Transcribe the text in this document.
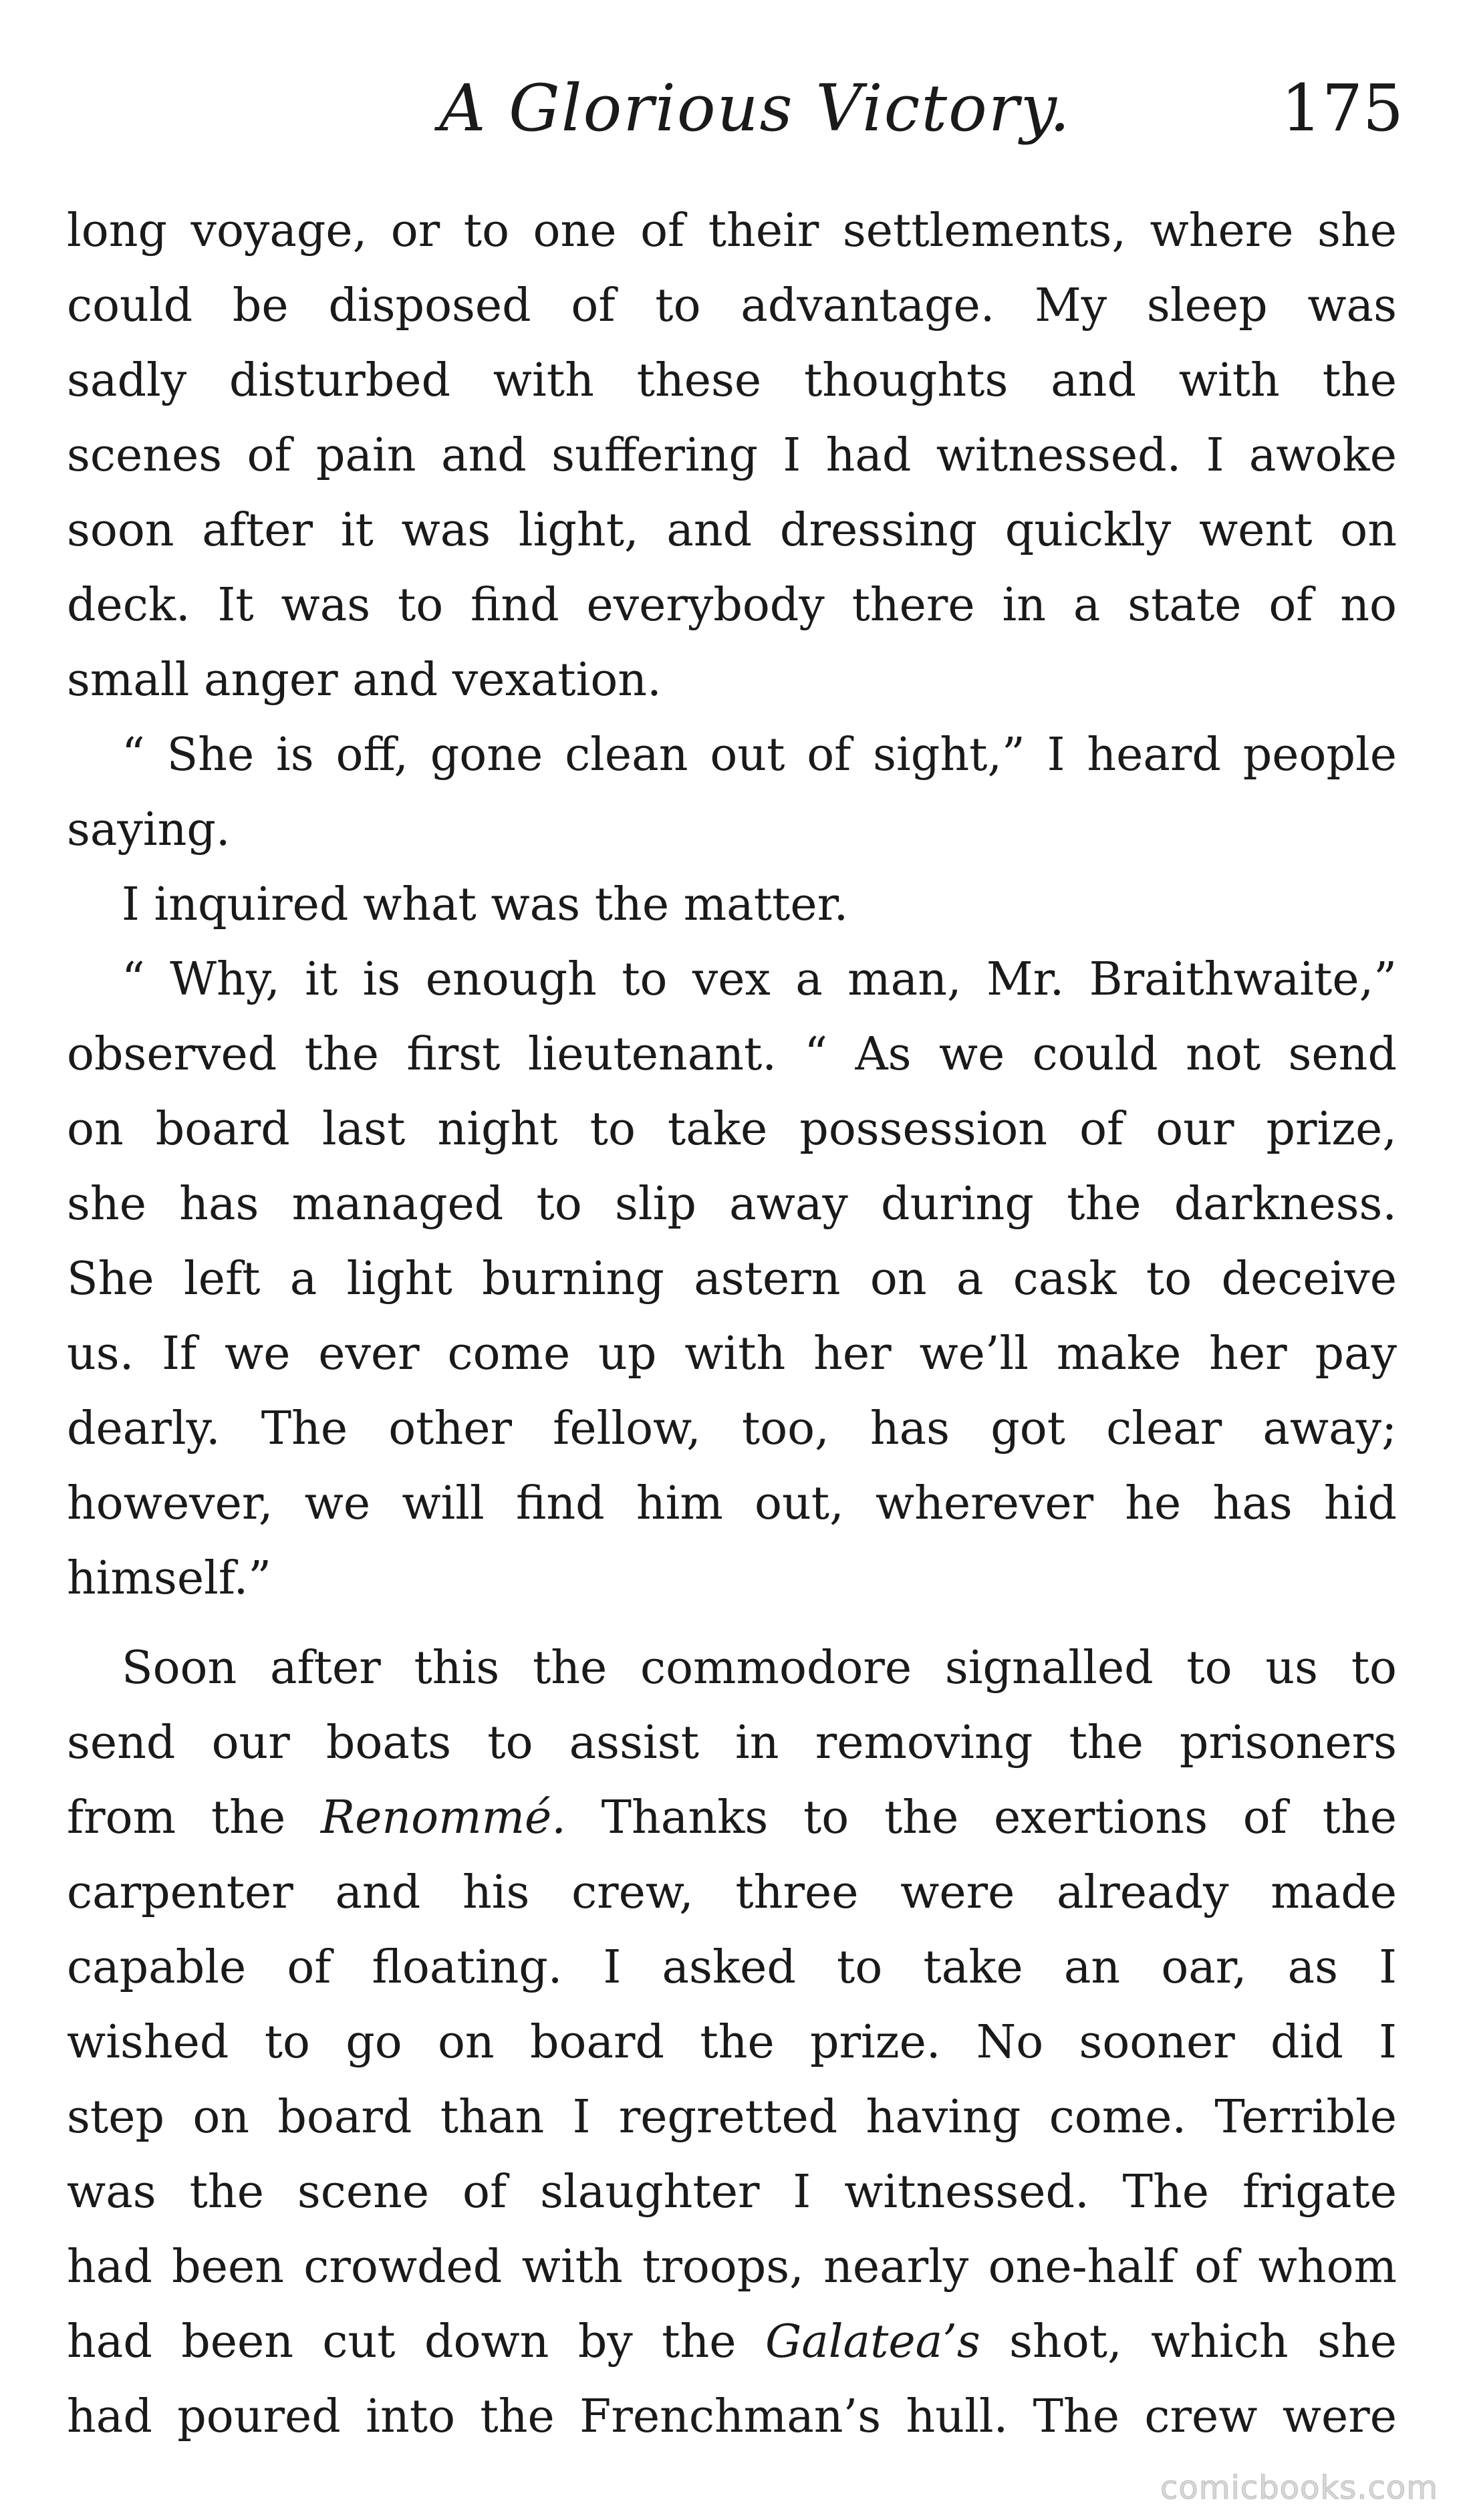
A Glorious Victory.	175
long voyage, or to one of their settlements, where she
could be disposed of to advantage. My sleep was
sadly disturbed with these thoughts and with the
scenes of pain and suffering I had witnessed. I awoke
soon after it was light, and dressing quickly went on
deck. It was to find everybody there in a state of no
small anger and vexation.
“ She is off, gone clean out of sight,” I heard people
saying.
I inquired what was the matter.
“ Why, it is enough to vex a man, Mr. Braithwaite,”
observed the first lieutenant. “ As we could not send
on board last night to take possession of our prize,
she has managed to slip away during the darkness.
She left a light burning astern on a cask to deceive
us. If we ever come up with her we’ll make her pay
dearly. The other fellow, too, has got clear away;
however, we will find him out, wherever he has hid
himself.”
Soon after this the commodore signalled to us to
send our boats to assist in removing the prisoners
from the Renommé. Thanks to the exertions of the
carpenter and his crew, three were already made
capable of floating. I asked to take an oar, as I
wished to go on board the prize. No sooner did I
step on board than I regretted having come. Terrible
was the scene of slaughter I witnessed. The frigate
had been crowded with troops, nearly one-half of whom
had been cut down by the Galatea’s shot, which she
had poured into the Frenchman’s hull. The crew were
comicbooks.com
